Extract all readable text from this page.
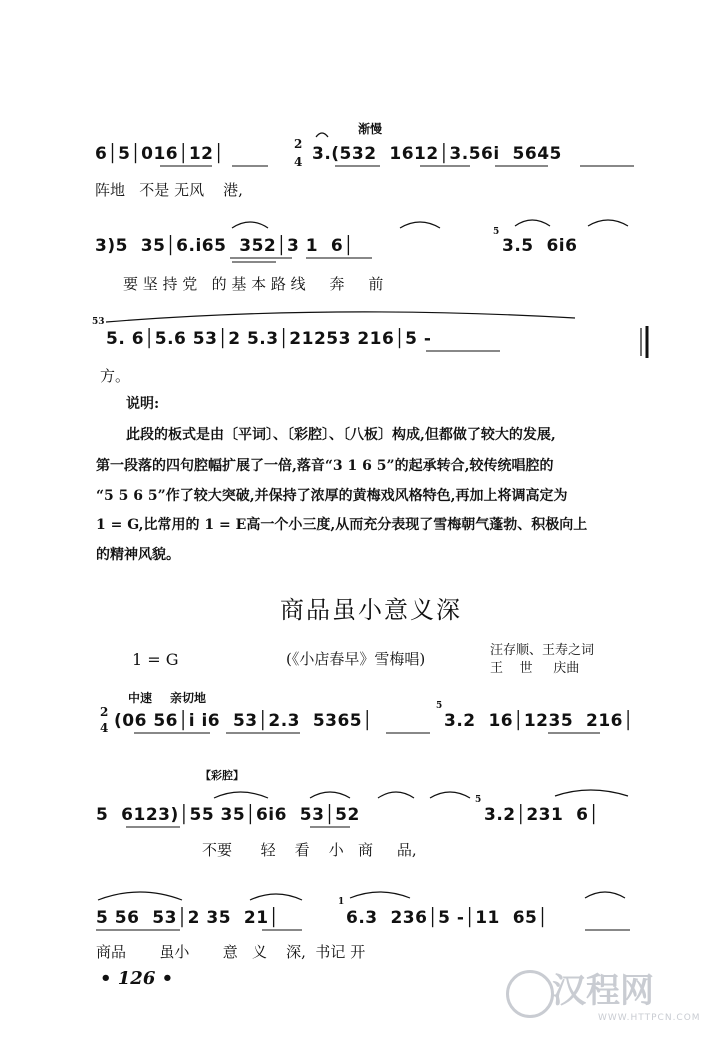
渐慢
6│5│016│12│	2
4 3.(532  1612│3.56i  5645
阵地   不是 无风    港,
3)5  35│6.i65  352│3 1  6│
5
3.5  6i6
要 坚 持 党   的 基 本 路 线     奔     前
53
5. 6│5.6 53│2 5.3│21253 216│5 -
方。
说明:
此段的板式是由〔平词〕、〔彩腔〕、〔八板〕构成,但都做了较大的发展,
第一段落的四句腔幅扩展了一倍,落音“3 1 6 5”的起承转合,较传统唱腔的
“5 5 6 5”作了较大突破,并保持了浓厚的黄梅戏风格特色,再加上将调高定为
1 = G,比常用的 1 = E高一个小三度,从而充分表现了雪梅朝气蓬勃、积极向上
的精神风貌。
商品虽小意义深
1 = G	(《小店春早》雪梅唱)	汪存顺、王寿之词
王    世     庆曲
中速 亲切地
2
4 (06 56│i i6  53│2.3  5365│
5
3.2  16│1235  216│
【彩腔】
5  6123)│55 35│6i6  53│52
5
3.2│231  6│
不要      轻    看    小   商     品,
5 56  53│2 35  21│
1
6.3  236│5 -│11  65│
商品       虽小       意   义    深,  书记 开
• 126 •	汉程网
WWW.HTTPCN.COM
